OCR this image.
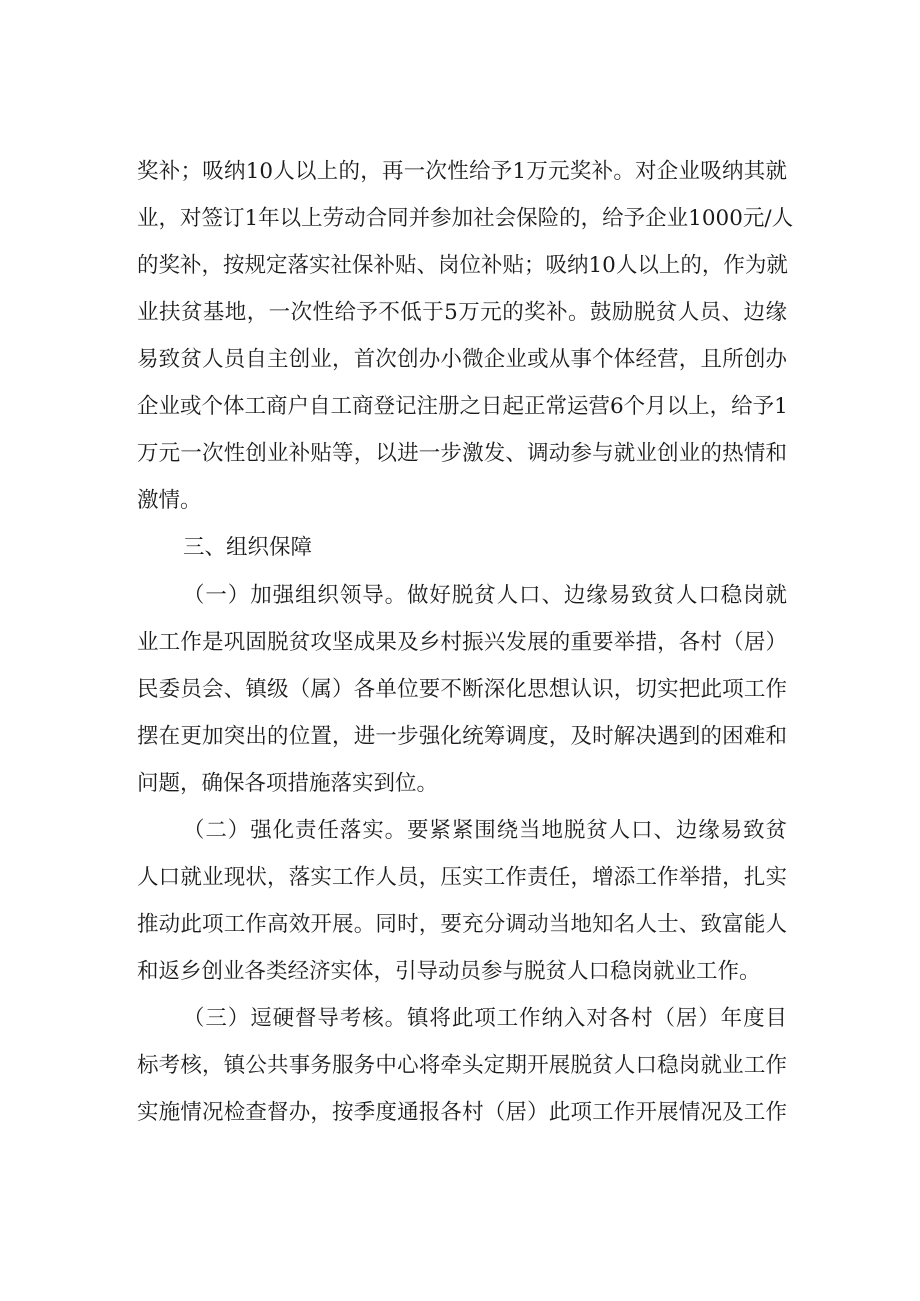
奖补；吸纳10人以上的，再一次性给予1万元奖补。对企业吸纳其就
业，对签订1年以上劳动合同并参加社会保险的，给予企业1000元/人
的奖补，按规定落实社保补贴、岗位补贴；吸纳10人以上的，作为就
业扶贫基地，一次性给予不低于5万元的奖补。鼓励脱贫人员、边缘
易致贫人员自主创业，首次创办小微企业或从事个体经营，且所创办
企业或个体工商户自工商登记注册之日起正常运营6个月以上，给予1
万元一次性创业补贴等，以进一步激发、调动参与就业创业的热情和
激情。
三、组织保障
（一）加强组织领导。做好脱贫人口、边缘易致贫人口稳岗就
业工作是巩固脱贫攻坚成果及乡村振兴发展的重要举措，各村（居）
民委员会、镇级（属）各单位要不断深化思想认识，切实把此项工作
摆在更加突出的位置，进一步强化统筹调度，及时解决遇到的困难和
问题，确保各项措施落实到位。
（二）强化责任落实。要紧紧围绕当地脱贫人口、边缘易致贫
人口就业现状，落实工作人员，压实工作责任，增添工作举措，扎实
推动此项工作高效开展。同时，要充分调动当地知名人士、致富能人
和返乡创业各类经济实体，引导动员参与脱贫人口稳岗就业工作。
（三）逗硬督导考核。镇将此项工作纳入对各村（居）年度目
标考核，镇公共事务服务中心将牵头定期开展脱贫人口稳岗就业工作
实施情况检查督办，按季度通报各村（居）此项工作开展情况及工作
